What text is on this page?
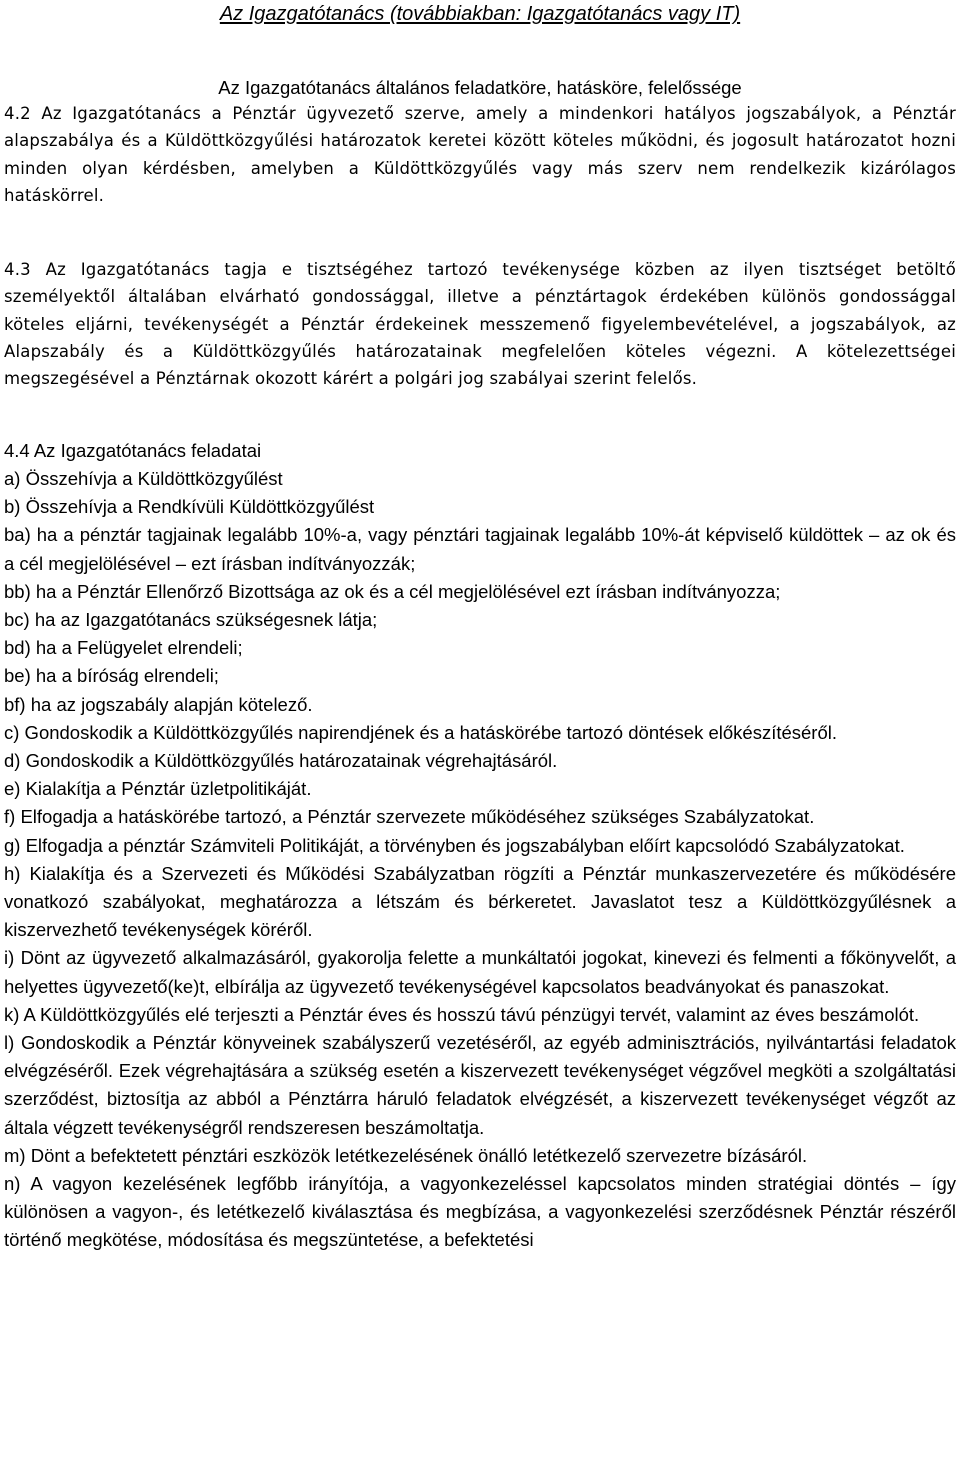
Az Igazgatótanács (továbbiakban: Igazgatótanács vagy IT)
Az Igazgatótanács általános feladatköre, hatásköre, felelőssége
4.2 Az Igazgatótanács a Pénztár ügyvezető szerve, amely a mindenkori hatályos jogszabályok, a Pénztár alapszabálya és a Küldöttközgyűlési határozatok keretei között köteles működni, és jogosult határozatot hozni minden olyan kérdésben, amelyben a Küldöttközgyűlés vagy más szerv nem rendelkezik kizárólagos hatáskörrel.
4.3 Az Igazgatótanács tagja e tisztségéhez tartozó tevékenysége közben az ilyen tisztséget betöltő személyektől általában elvárható gondossággal, illetve a pénztártagok érdekében különös gondossággal köteles eljárni, tevékenységét a Pénztár érdekeinek messzemenő figyelembevételével, a jogszabályok, az Alapszabály és a Küldöttközgyűlés határozatainak megfelelően köteles végezni. A kötelezettségei megszegésével a Pénztárnak okozott kárért a polgári jog szabályai szerint felelős.
4.4 Az Igazgatótanács feladatai
a) Összehívja a Küldöttközgyűlést
b) Összehívja a Rendkívüli Küldöttközgyűlést
ba) ha a pénztár tagjainak legalább 10%-a, vagy pénztári tagjainak legalább 10%-át képviselő küldöttek – az ok és a cél megjelölésével – ezt írásban indítványozzák;
bb) ha a Pénztár Ellenőrző Bizottsága az ok és a cél megjelölésével ezt írásban indítványozza;
bc) ha az Igazgatótanács szükségesnek látja;
bd) ha a Felügyelet elrendeli;
be) ha a bíróság elrendeli;
bf) ha az jogszabály alapján kötelező.
c) Gondoskodik a Küldöttközgyűlés napirendjének és a hatáskörébe tartozó döntések előkészítéséről.
d) Gondoskodik a Küldöttközgyűlés határozatainak végrehajtásáról.
e) Kialakítja a Pénztár üzletpolitikáját.
f) Elfogadja a hatáskörébe tartozó, a Pénztár szervezete működéséhez szükséges Szabályzatokat.
g) Elfogadja a pénztár Számviteli Politikáját, a törvényben és jogszabályban előírt kapcsolódó Szabályzatokat.
h) Kialakítja és a Szervezeti és Működési Szabályzatban rögzíti a Pénztár munkaszervezetére és működésére vonatkozó szabályokat, meghatározza a létszám és bérkeretet. Javaslatot tesz a Küldöttközgyűlésnek a kiszervezhető tevékenységek köréről.
i) Dönt az ügyvezető alkalmazásáról, gyakorolja felette a munkáltatói jogokat, kinevezi és felmenti a főkönyvelőt, a helyettes ügyvezető(ke)t, elbírálja az ügyvezető tevékenységével kapcsolatos beadványokat és panaszokat.
k) A Küldöttközgyűlés elé terjeszti a Pénztár éves és hosszú távú pénzügyi tervét, valamint az éves beszámolót.
l) Gondoskodik a Pénztár könyveinek szabályszerű vezetéséről, az egyéb adminisztrációs, nyilvántartási feladatok elvégzéséről. Ezek végrehajtására a szükség esetén a kiszervezett tevékenységet végzővel megköti a szolgáltatási szerződést, biztosítja az abból a Pénztárra háruló feladatok elvégzését, a kiszervezett tevékenységet végzőt az általa végzett tevékenységről rendszeresen beszámoltatja.
m) Dönt a befektetett pénztári eszközök letétkezelésének önálló letétkezelő szervezetre bízásáról.
n) A vagyon kezelésének legfőbb irányítója, a vagyonkezeléssel kapcsolatos minden stratégiai döntés – így különösen a vagyon-, és letétkezelő kiválasztása és megbízása, a vagyonkezelési szerződésnek Pénztár részéről történő megkötése, módosítása és megszüntetése, a befektetési
